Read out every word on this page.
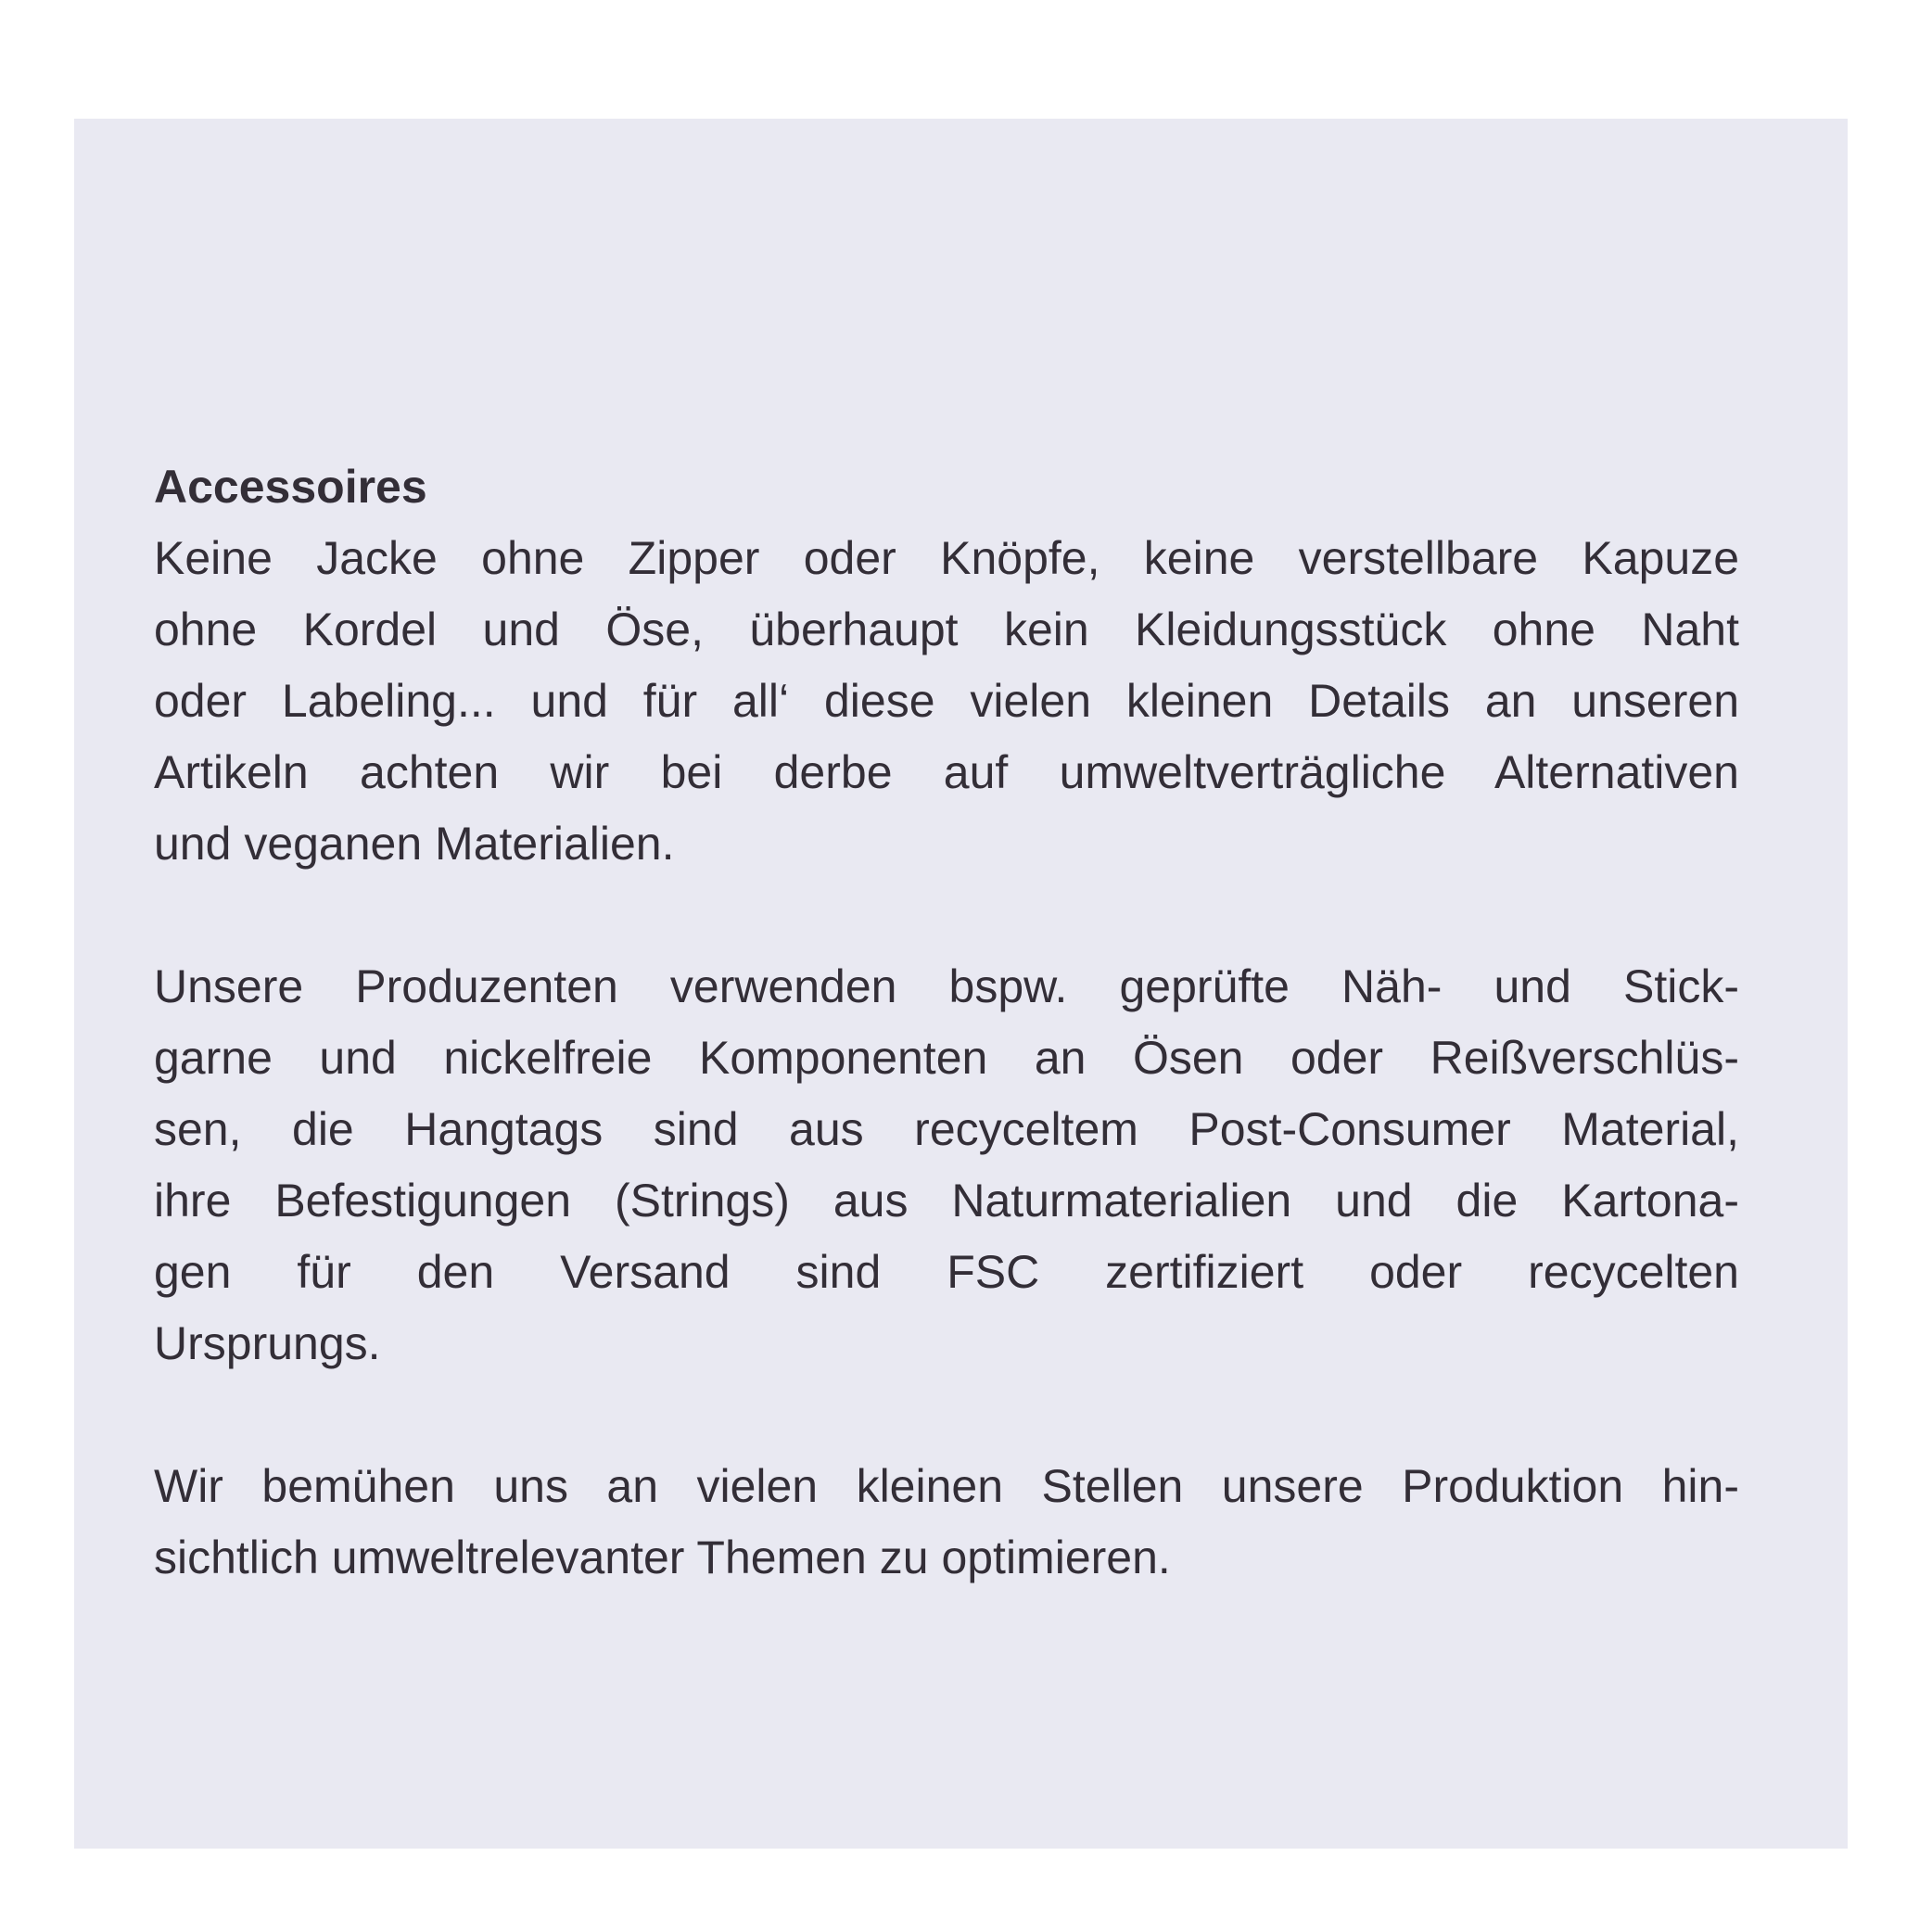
Accessoires
Keine Jacke ohne Zipper oder Knöpfe, keine verstellbare Kapuze
ohne Kordel und Öse, überhaupt kein Kleidungsstück ohne Naht
oder Labeling... und für all‘ diese vielen kleinen Details an unseren
Artikeln achten wir bei derbe auf umweltverträgliche Alternativen
und veganen Materialien.
Unsere Produzenten verwenden bspw. geprüfte Näh- und Stick-
garne und nickelfreie Komponenten an Ösen oder Reißverschlüs-
sen, die Hangtags sind aus recyceltem Post-Consumer Material,
ihre Befestigungen (Strings) aus Naturmaterialien und die Kartona-
gen für den Versand sind FSC zertifiziert oder recycelten
Ursprungs.
Wir bemühen uns an vielen kleinen Stellen unsere Produktion hin-
sichtlich umweltrelevanter Themen zu optimieren.
